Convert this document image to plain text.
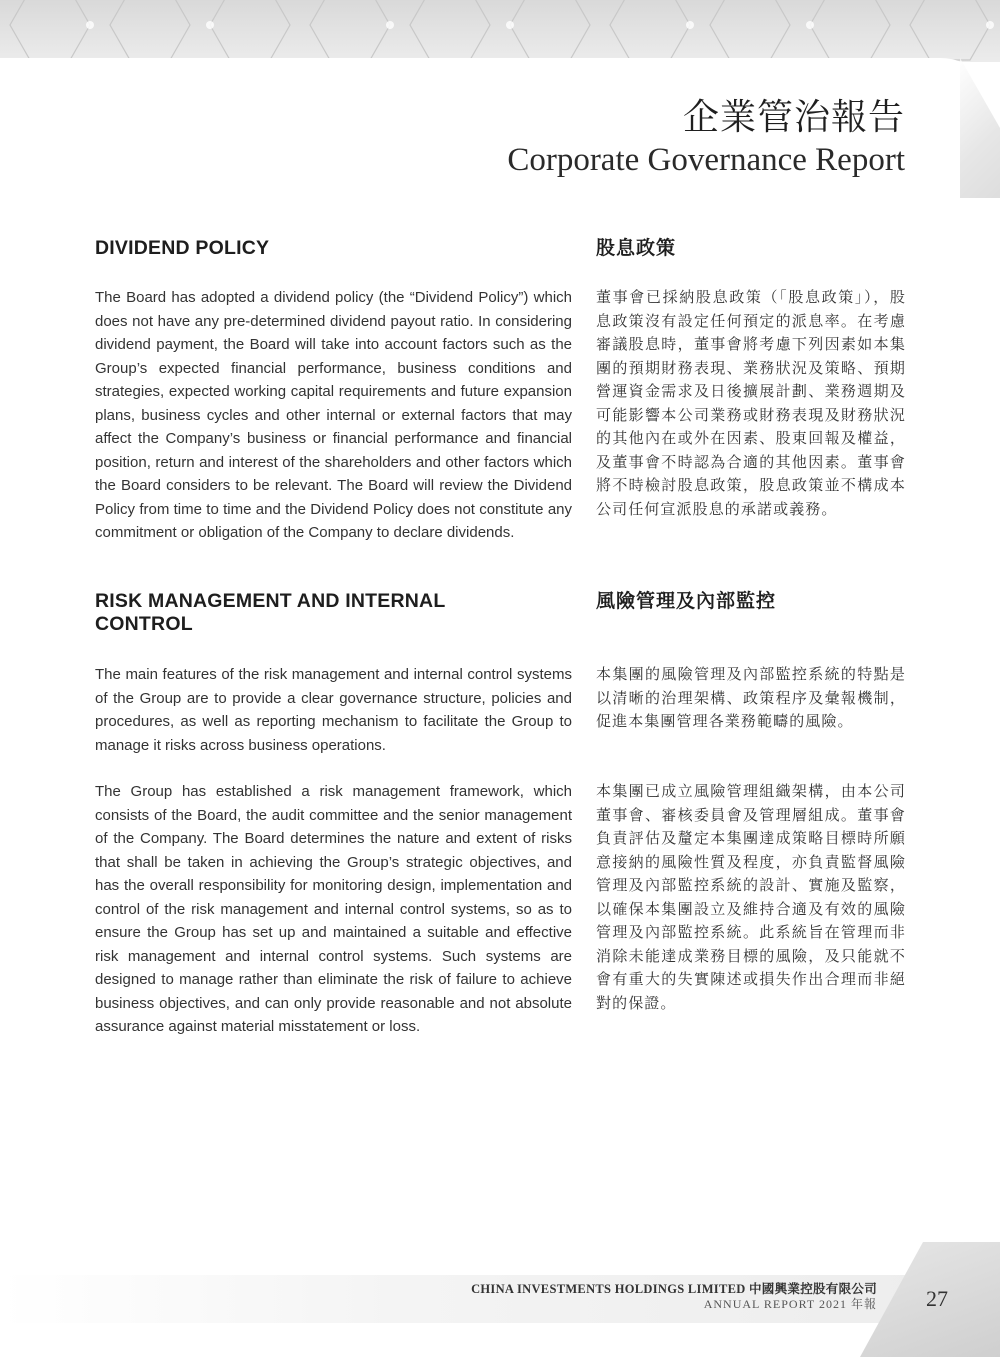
企業管治報告
Corporate Governance Report
DIVIDEND POLICY	股息政策

The Board has adopted a dividend policy (the “Dividend Policy”) which does not have any pre-determined dividend payout ratio. In considering dividend payment, the Board will take into account factors such as the Group’s expected financial performance, business conditions and strategies, expected working capital requirements and future expansion plans, business cycles and other internal or external factors that may affect the Company’s business or financial performance and financial position, return and interest of the shareholders and other factors which the Board considers to be relevant. The Board will review the Dividend Policy from time to time and the Dividend Policy does not constitute any commitment or obligation of the Company to declare dividends.

董事會已採納股息政策（「股息政策」），股息政策沒有設定任何預定的派息率。在考慮審議股息時，董事會將考慮下列因素如本集團的預期財務表現、業務狀況及策略、預期營運資金需求及日後擴展計劃、業務週期及可能影響本公司業務或財務表現及財務狀況的其他內在或外在因素、股東回報及權益，及董事會不時認為合適的其他因素。董事會將不時檢討股息政策，股息政策並不構成本公司任何宣派股息的承諾或義務。

RISK MANAGEMENT AND INTERNAL CONTROL
風險管理及內部監控

The main features of the risk management and internal control systems of the Group are to provide a clear governance structure, policies and procedures, as well as reporting mechanism to facilitate the Group to manage it risks across business operations.

本集團的風險管理及內部監控系統的特點是以清晰的治理架構、政策程序及彙報機制，促進本集團管理各業務範疇的風險。

The Group has established a risk management framework, which consists of the Board, the audit committee and the senior management of the Company. The Board determines the nature and extent of risks that shall be taken in achieving the Group’s strategic objectives, and has the overall responsibility for monitoring design, implementation and control of the risk management and internal control systems, so as to ensure the Group has set up and maintained a suitable and effective risk management and internal control systems. Such systems are designed to manage rather than eliminate the risk of failure to achieve business objectives, and can only provide reasonable and not absolute assurance against material misstatement or loss.

本集團已成立風險管理組織架構，由本公司董事會、審核委員會及管理層組成。董事會負責評估及釐定本集團達成策略目標時所願意接納的風險性質及程度，亦負責監督風險管理及內部監控系統的設計、實施及監察，以確保本集團設立及維持合適及有效的風險管理及內部監控系統。此系統旨在管理而非消除未能達成業務目標的風險，及只能就不會有重大的失實陳述或損失作出合理而非絕對的保證。

CHINA INVESTMENTS HOLDINGS LIMITED 中國興業控股有限公司
ANNUAL REPORT 2021 年報 27
